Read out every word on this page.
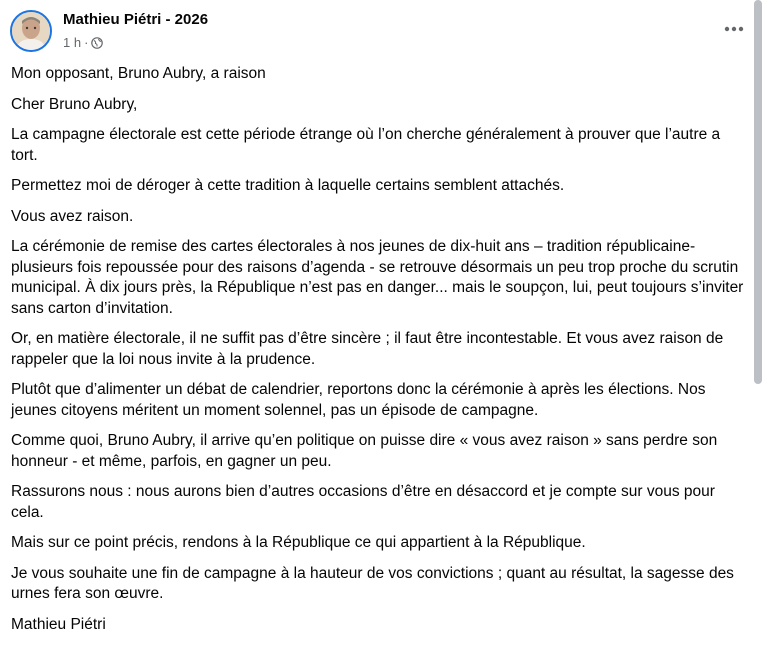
Mathieu Piétri - 2026
1 h ·

Mon opposant, Bruno Aubry, a raison

Cher Bruno Aubry,

La campagne électorale est cette période étrange où l’on cherche généralement à prouver que l’autre a tort.

Permettez moi de déroger à cette tradition à laquelle certains semblent attachés.

Vous avez raison.

La cérémonie de remise des cartes électorales à nos jeunes de dix-huit ans – tradition républicaine- plusieurs fois repoussée pour des raisons d’agenda - se retrouve désormais un peu trop proche du scrutin municipal. À dix jours près, la République n’est pas en danger... mais le soupçon, lui, peut toujours s’inviter sans carton d’invitation.

Or, en matière électorale, il ne suffit pas d’être sincère ; il faut être incontestable. Et vous avez raison de rappeler que la loi nous invite à la prudence.

Plutôt que d’alimenter un débat de calendrier, reportons donc la cérémonie à après les élections. Nos jeunes citoyens méritent un moment solennel, pas un épisode de campagne.

Comme quoi, Bruno Aubry, il arrive qu’en politique on puisse dire « vous avez raison » sans perdre son honneur - et même, parfois, en gagner un peu.

Rassurons nous : nous aurons bien d’autres occasions d’être en désaccord et je compte sur vous pour cela.

Mais sur ce point précis, rendons à la République ce qui appartient à la République.

Je vous souhaite une fin de campagne à la hauteur de vos convictions ; quant au résultat, la sagesse des urnes fera son œuvre.

Mathieu Piétri
